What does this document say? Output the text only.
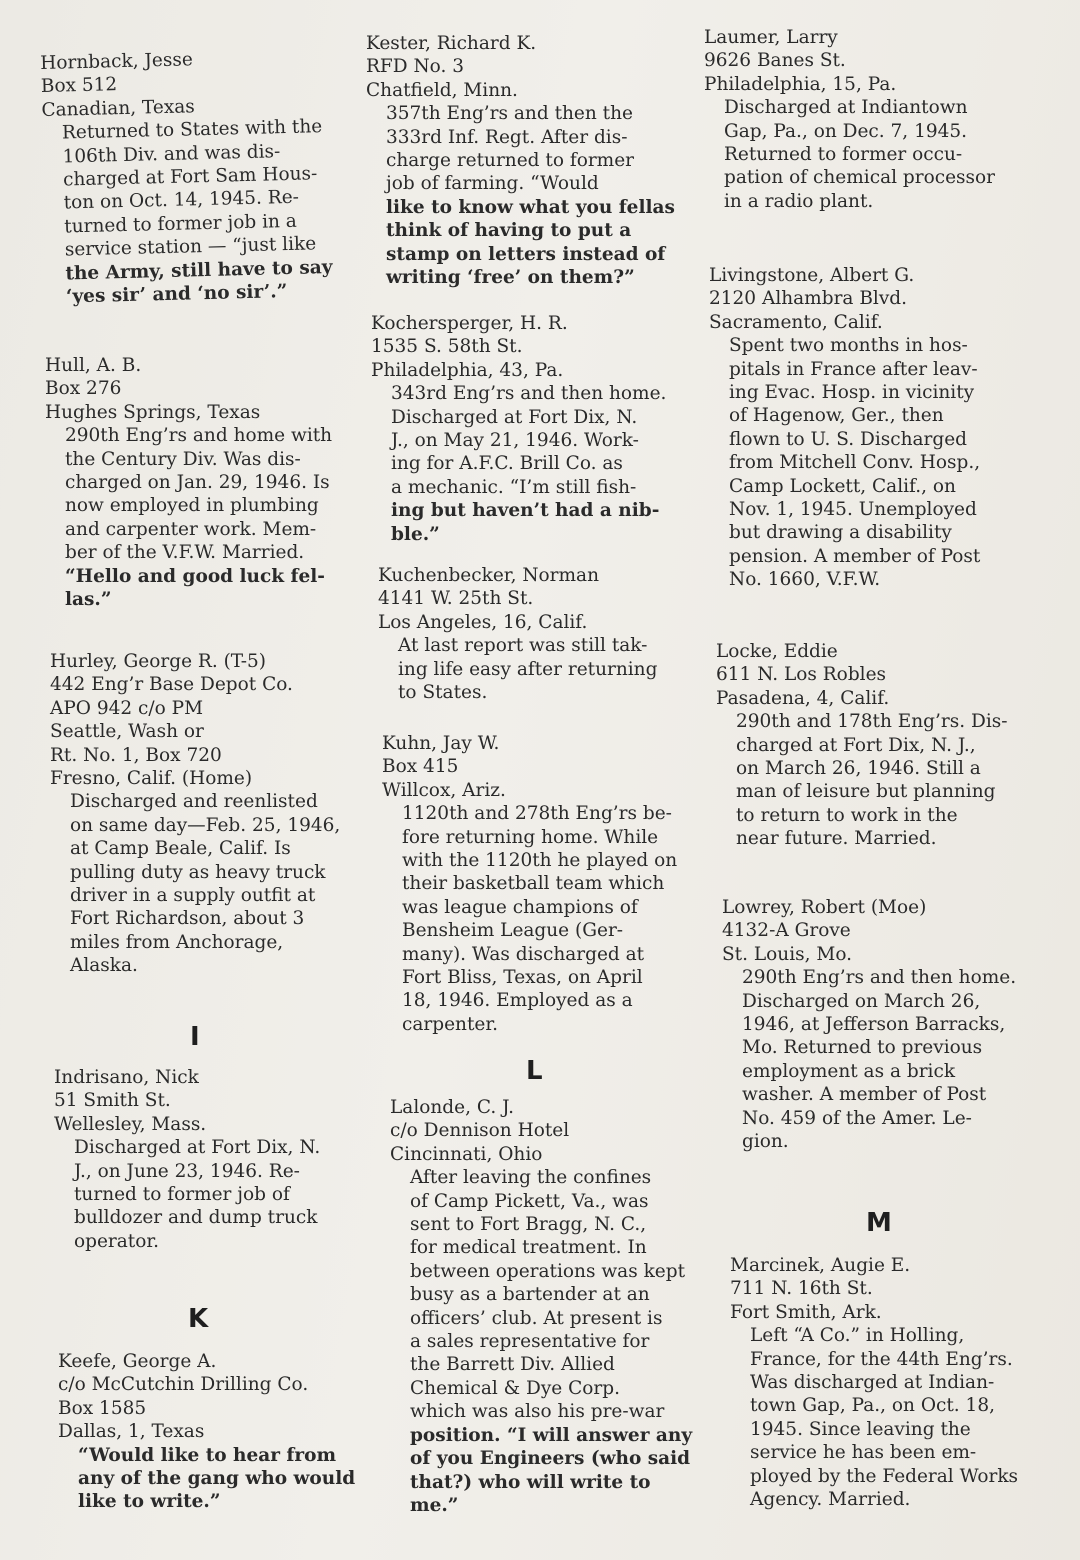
Hornback, Jesse
Box 512
Canadian, Texas
Returned to States with the
106th Div. and was dis-
charged at Fort Sam Hous-
ton on Oct. 14, 1945. Re-
turned to former job in a
service station — “just like
the Army, still have to say
‘yes sir’ and ‘no sir’.”
Hull, A. B.
Box 276
Hughes Springs, Texas
290th Eng’rs and home with
the Century Div. Was dis-
charged on Jan. 29, 1946. Is
now employed in plumbing
and carpenter work. Mem-
ber of the V.F.W. Married.
“Hello and good luck fel-
las.”
Hurley, George R. (T-5)
442 Eng’r Base Depot Co.
APO 942 c/o PM
Seattle, Wash or
Rt. No. 1, Box 720
Fresno, Calif. (Home)
Discharged and reenlisted
on same day—Feb. 25, 1946,
at Camp Beale, Calif. Is
pulling duty as heavy truck
driver in a supply outfit at
Fort Richardson, about 3
miles from Anchorage,
Alaska.
I
Indrisano, Nick
51 Smith St.
Wellesley, Mass.
Discharged at Fort Dix, N.
J., on June 23, 1946. Re-
turned to former job of
bulldozer and dump truck
operator.
K
Keefe, George A.
c/o McCutchin Drilling Co.
Box 1585
Dallas, 1, Texas
“Would like to hear from
any of the gang who would
like to write.”
Kester, Richard K.
RFD No. 3
Chatfield, Minn.
357th Eng’rs and then the
333rd Inf. Regt. After dis-
charge returned to former
job of farming. “Would
like to know what you fellas
think of having to put a
stamp on letters instead of
writing ‘free’ on them?”
Kochersperger, H. R.
1535 S. 58th St.
Philadelphia, 43, Pa.
343rd Eng’rs and then home.
Discharged at Fort Dix, N.
J., on May 21, 1946. Work-
ing for A.F.C. Brill Co. as
a mechanic. “I’m still fish-
ing but haven’t had a nib-
ble.”
Kuchenbecker, Norman
4141 W. 25th St.
Los Angeles, 16, Calif.
At last report was still tak-
ing life easy after returning
to States.
Kuhn, Jay W.
Box 415
Willcox, Ariz.
1120th and 278th Eng’rs be-
fore returning home. While
with the 1120th he played on
their basketball team which
was league champions of
Bensheim League (Ger-
many). Was discharged at
Fort Bliss, Texas, on April
18, 1946. Employed as a
carpenter.
L
Lalonde, C. J.
c/o Dennison Hotel
Cincinnati, Ohio
After leaving the confines
of Camp Pickett, Va., was
sent to Fort Bragg, N. C.,
for medical treatment. In
between operations was kept
busy as a bartender at an
officers’ club. At present is
a sales representative for
the Barrett Div. Allied
Chemical & Dye Corp.
which was also his pre-war
position. “I will answer any
of you Engineers (who said
that?) who will write to
me.”
Laumer, Larry
9626 Banes St.
Philadelphia, 15, Pa.
Discharged at Indiantown
Gap, Pa., on Dec. 7, 1945.
Returned to former occu-
pation of chemical processor
in a radio plant.
Livingstone, Albert G.
2120 Alhambra Blvd.
Sacramento, Calif.
Spent two months in hos-
pitals in France after leav-
ing Evac. Hosp. in vicinity
of Hagenow, Ger., then
flown to U. S. Discharged
from Mitchell Conv. Hosp.,
Camp Lockett, Calif., on
Nov. 1, 1945. Unemployed
but drawing a disability
pension. A member of Post
No. 1660, V.F.W.
Locke, Eddie
611 N. Los Robles
Pasadena, 4, Calif.
290th and 178th Eng’rs. Dis-
charged at Fort Dix, N. J.,
on March 26, 1946. Still a
man of leisure but planning
to return to work in the
near future. Married.
Lowrey, Robert (Moe)
4132-A Grove
St. Louis, Mo.
290th Eng’rs and then home.
Discharged on March 26,
1946, at Jefferson Barracks,
Mo. Returned to previous
employment as a brick
washer. A member of Post
No. 459 of the Amer. Le-
gion.
M
Marcinek, Augie E.
711 N. 16th St.
Fort Smith, Ark.
Left “A Co.” in Holling,
France, for the 44th Eng’rs.
Was discharged at Indian-
town Gap, Pa., on Oct. 18,
1945. Since leaving the
service he has been em-
ployed by the Federal Works
Agency. Married.
